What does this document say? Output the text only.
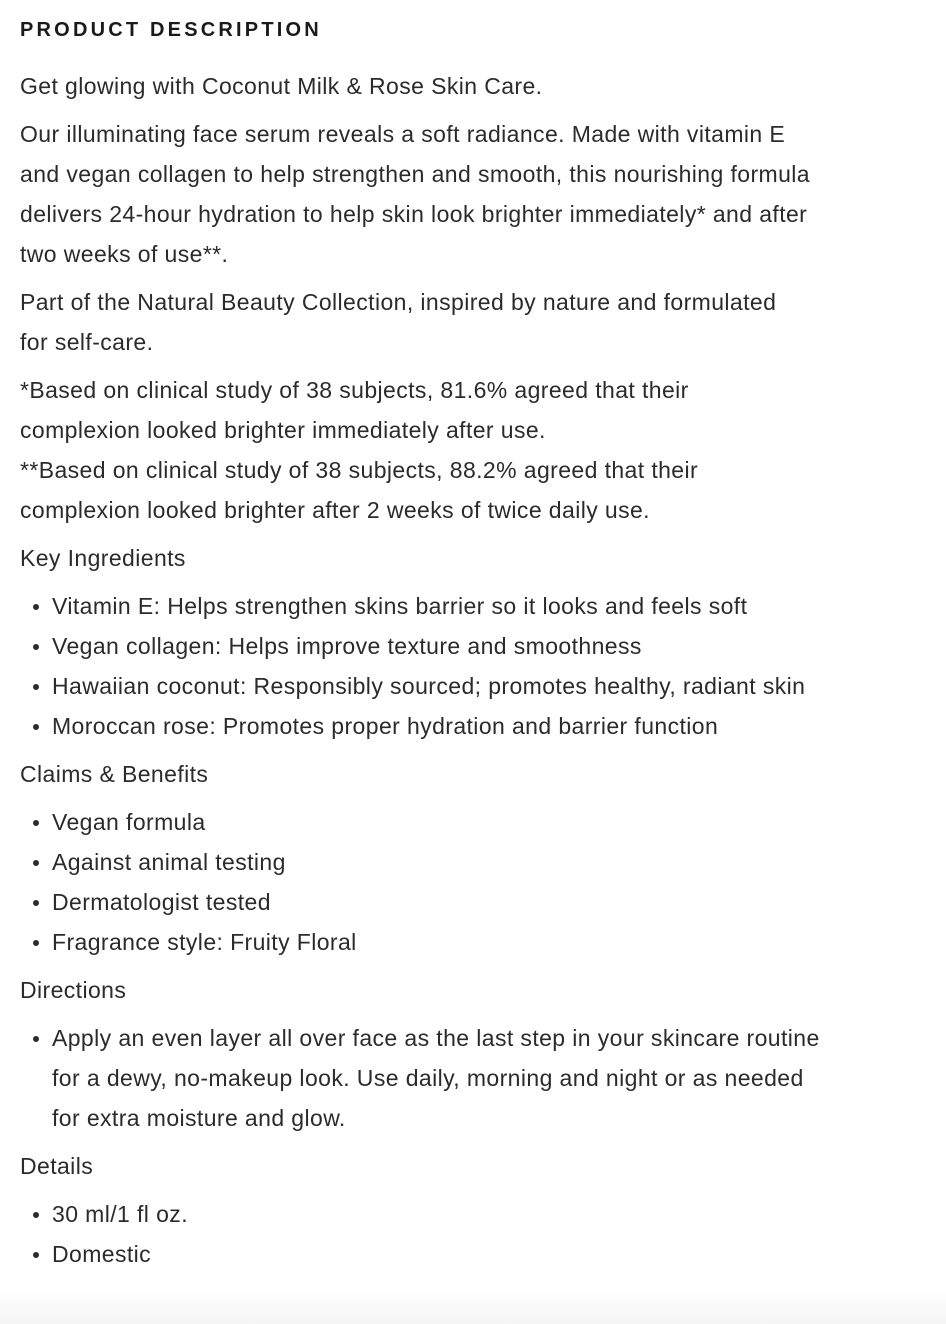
PRODUCT DESCRIPTION

Get glowing with Coconut Milk & Rose Skin Care.

Our illuminating face serum reveals a soft radiance. Made with vitamin E and vegan collagen to help strengthen and smooth, this nourishing formula delivers 24-hour hydration to help skin look brighter immediately* and after two weeks of use**.

Part of the Natural Beauty Collection, inspired by nature and formulated for self-care.

*Based on clinical study of 38 subjects, 81.6% agreed that their complexion looked brighter immediately after use.

**Based on clinical study of 38 subjects, 88.2% agreed that their complexion looked brighter after 2 weeks of twice daily use.

Key Ingredients
Vitamin E: Helps strengthen skins barrier so it looks and feels soft
Vegan collagen: Helps improve texture and smoothness
Hawaiian coconut: Responsibly sourced; promotes healthy, radiant skin
Moroccan rose: Promotes proper hydration and barrier function
Claims & Benefits
Vegan formula
Against animal testing
Dermatologist tested
Fragrance style: Fruity Floral
Directions
Apply an even layer all over face as the last step in your skincare routine for a dewy, no-makeup look. Use daily, morning and night or as needed for extra moisture and glow.
Details
30 ml/1 fl oz.
Domestic
